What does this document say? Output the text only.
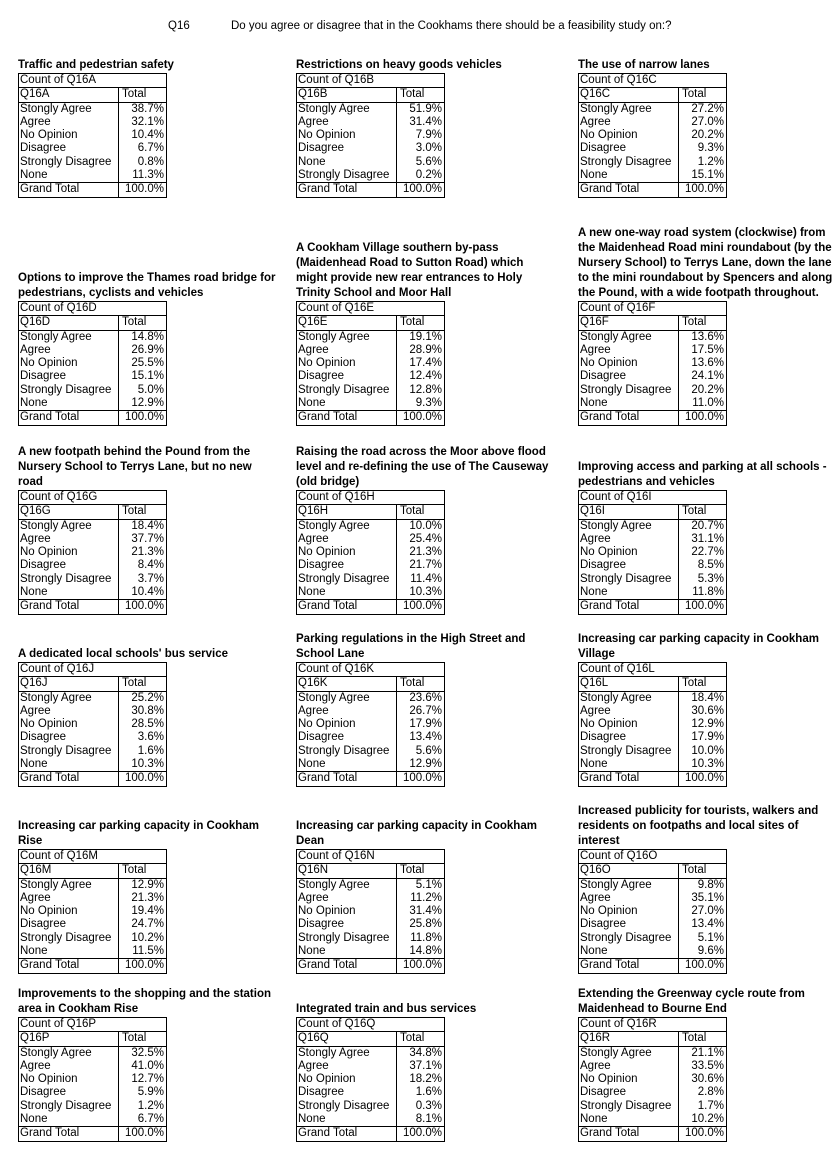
Q16	Do you agree or disagree that in the Cookhams there should be a feasibility study on:?
Traffic and pedestrian safety
Count of Q16A	
Q16A	Total
Stongly Agree	38.7%
Agree	32.1%
No Opinion	10.4%
Disagree	6.7%
Strongly Disagree	0.8%
None	11.3%
Grand Total	100.0%
Restrictions on heavy goods vehicles
Count of Q16B	
Q16B	Total
Stongly Agree	51.9%
Agree	31.4%
No Opinion	7.9%
Disagree	3.0%
None	5.6%
Strongly Disagree	0.2%
Grand Total	100.0%
The use of narrow lanes
Count of Q16C	
Q16C	Total
Stongly Agree	27.2%
Agree	27.0%
No Opinion	20.2%
Disagree	9.3%
Strongly Disagree	1.2%
None	15.1%
Grand Total	100.0%
Options to improve the Thames road bridge for
pedestrians, cyclists and vehicles
Count of Q16D	
Q16D	Total
Stongly Agree	14.8%
Agree	26.9%
No Opinion	25.5%
Disagree	15.1%
Strongly Disagree	5.0%
None	12.9%
Grand Total	100.0%
A Cookham Village southern by-pass
(Maidenhead Road to Sutton Road) which
might provide new rear entrances to Holy
Trinity School and Moor Hall
Count of Q16E	
Q16E	Total
Stongly Agree	19.1%
Agree	28.9%
No Opinion	17.4%
Disagree	12.4%
Strongly Disagree	12.8%
None	9.3%
Grand Total	100.0%
A new one-way road system (clockwise) from
the Maidenhead Road mini roundabout (by the
Nursery School) to Terrys Lane, down the lane
to the mini roundabout by Spencers and along
the Pound, with a wide footpath throughout.
Count of Q16F	
Q16F	Total
Stongly Agree	13.6%
Agree	17.5%
No Opinion	13.6%
Disagree	24.1%
Strongly Disagree	20.2%
None	11.0%
Grand Total	100.0%
A new footpath behind the Pound from the
Nursery School to Terrys Lane, but no new
road
Count of Q16G	
Q16G	Total
Stongly Agree	18.4%
Agree	37.7%
No Opinion	21.3%
Disagree	8.4%
Strongly Disagree	3.7%
None	10.4%
Grand Total	100.0%
Raising the road across the Moor above flood
level and re-defining the use of The Causeway
(old bridge)
Count of Q16H	
Q16H	Total
Stongly Agree	10.0%
Agree	25.4%
No Opinion	21.3%
Disagree	21.7%
Strongly Disagree	11.4%
None	10.3%
Grand Total	100.0%
Improving access and parking at all schools -
pedestrians and vehicles
Count of Q16I	
Q16I	Total
Stongly Agree	20.7%
Agree	31.1%
No Opinion	22.7%
Disagree	8.5%
Strongly Disagree	5.3%
None	11.8%
Grand Total	100.0%
A dedicated local schools' bus service
Count of Q16J	
Q16J	Total
Stongly Agree	25.2%
Agree	30.8%
No Opinion	28.5%
Disagree	3.6%
Strongly Disagree	1.6%
None	10.3%
Grand Total	100.0%
Parking regulations in the High Street and
School Lane
Count of Q16K	
Q16K	Total
Stongly Agree	23.6%
Agree	26.7%
No Opinion	17.9%
Disagree	13.4%
Strongly Disagree	5.6%
None	12.9%
Grand Total	100.0%
Increasing car parking capacity in Cookham
Village
Count of Q16L	
Q16L	Total
Stongly Agree	18.4%
Agree	30.6%
No Opinion	12.9%
Disagree	17.9%
Strongly Disagree	10.0%
None	10.3%
Grand Total	100.0%
Increasing car parking capacity in Cookham
Rise
Count of Q16M	
Q16M	Total
Stongly Agree	12.9%
Agree	21.3%
No Opinion	19.4%
Disagree	24.7%
Strongly Disagree	10.2%
None	11.5%
Grand Total	100.0%
Increasing car parking capacity in Cookham
Dean
Count of Q16N	
Q16N	Total
Stongly Agree	5.1%
Agree	11.2%
No Opinion	31.4%
Disagree	25.8%
Strongly Disagree	11.8%
None	14.8%
Grand Total	100.0%
Increased publicity for tourists, walkers and
residents on footpaths and local sites of
interest
Count of Q16O	
Q16O	Total
Stongly Agree	9.8%
Agree	35.1%
No Opinion	27.0%
Disagree	13.4%
Strongly Disagree	5.1%
None	9.6%
Grand Total	100.0%
Improvements to the shopping and the station
area in Cookham Rise
Count of Q16P	
Q16P	Total
Stongly Agree	32.5%
Agree	41.0%
No Opinion	12.7%
Disagree	5.9%
Strongly Disagree	1.2%
None	6.7%
Grand Total	100.0%
Integrated train and bus services
Count of Q16Q	
Q16Q	Total
Stongly Agree	34.8%
Agree	37.1%
No Opinion	18.2%
Disagree	1.6%
Strongly Disagree	0.3%
None	8.1%
Grand Total	100.0%
Extending the Greenway cycle route from
Maidenhead to Bourne End
Count of Q16R	
Q16R	Total
Stongly Agree	21.1%
Agree	33.5%
No Opinion	30.6%
Disagree	2.8%
Strongly Disagree	1.7%
None	10.2%
Grand Total	100.0%
